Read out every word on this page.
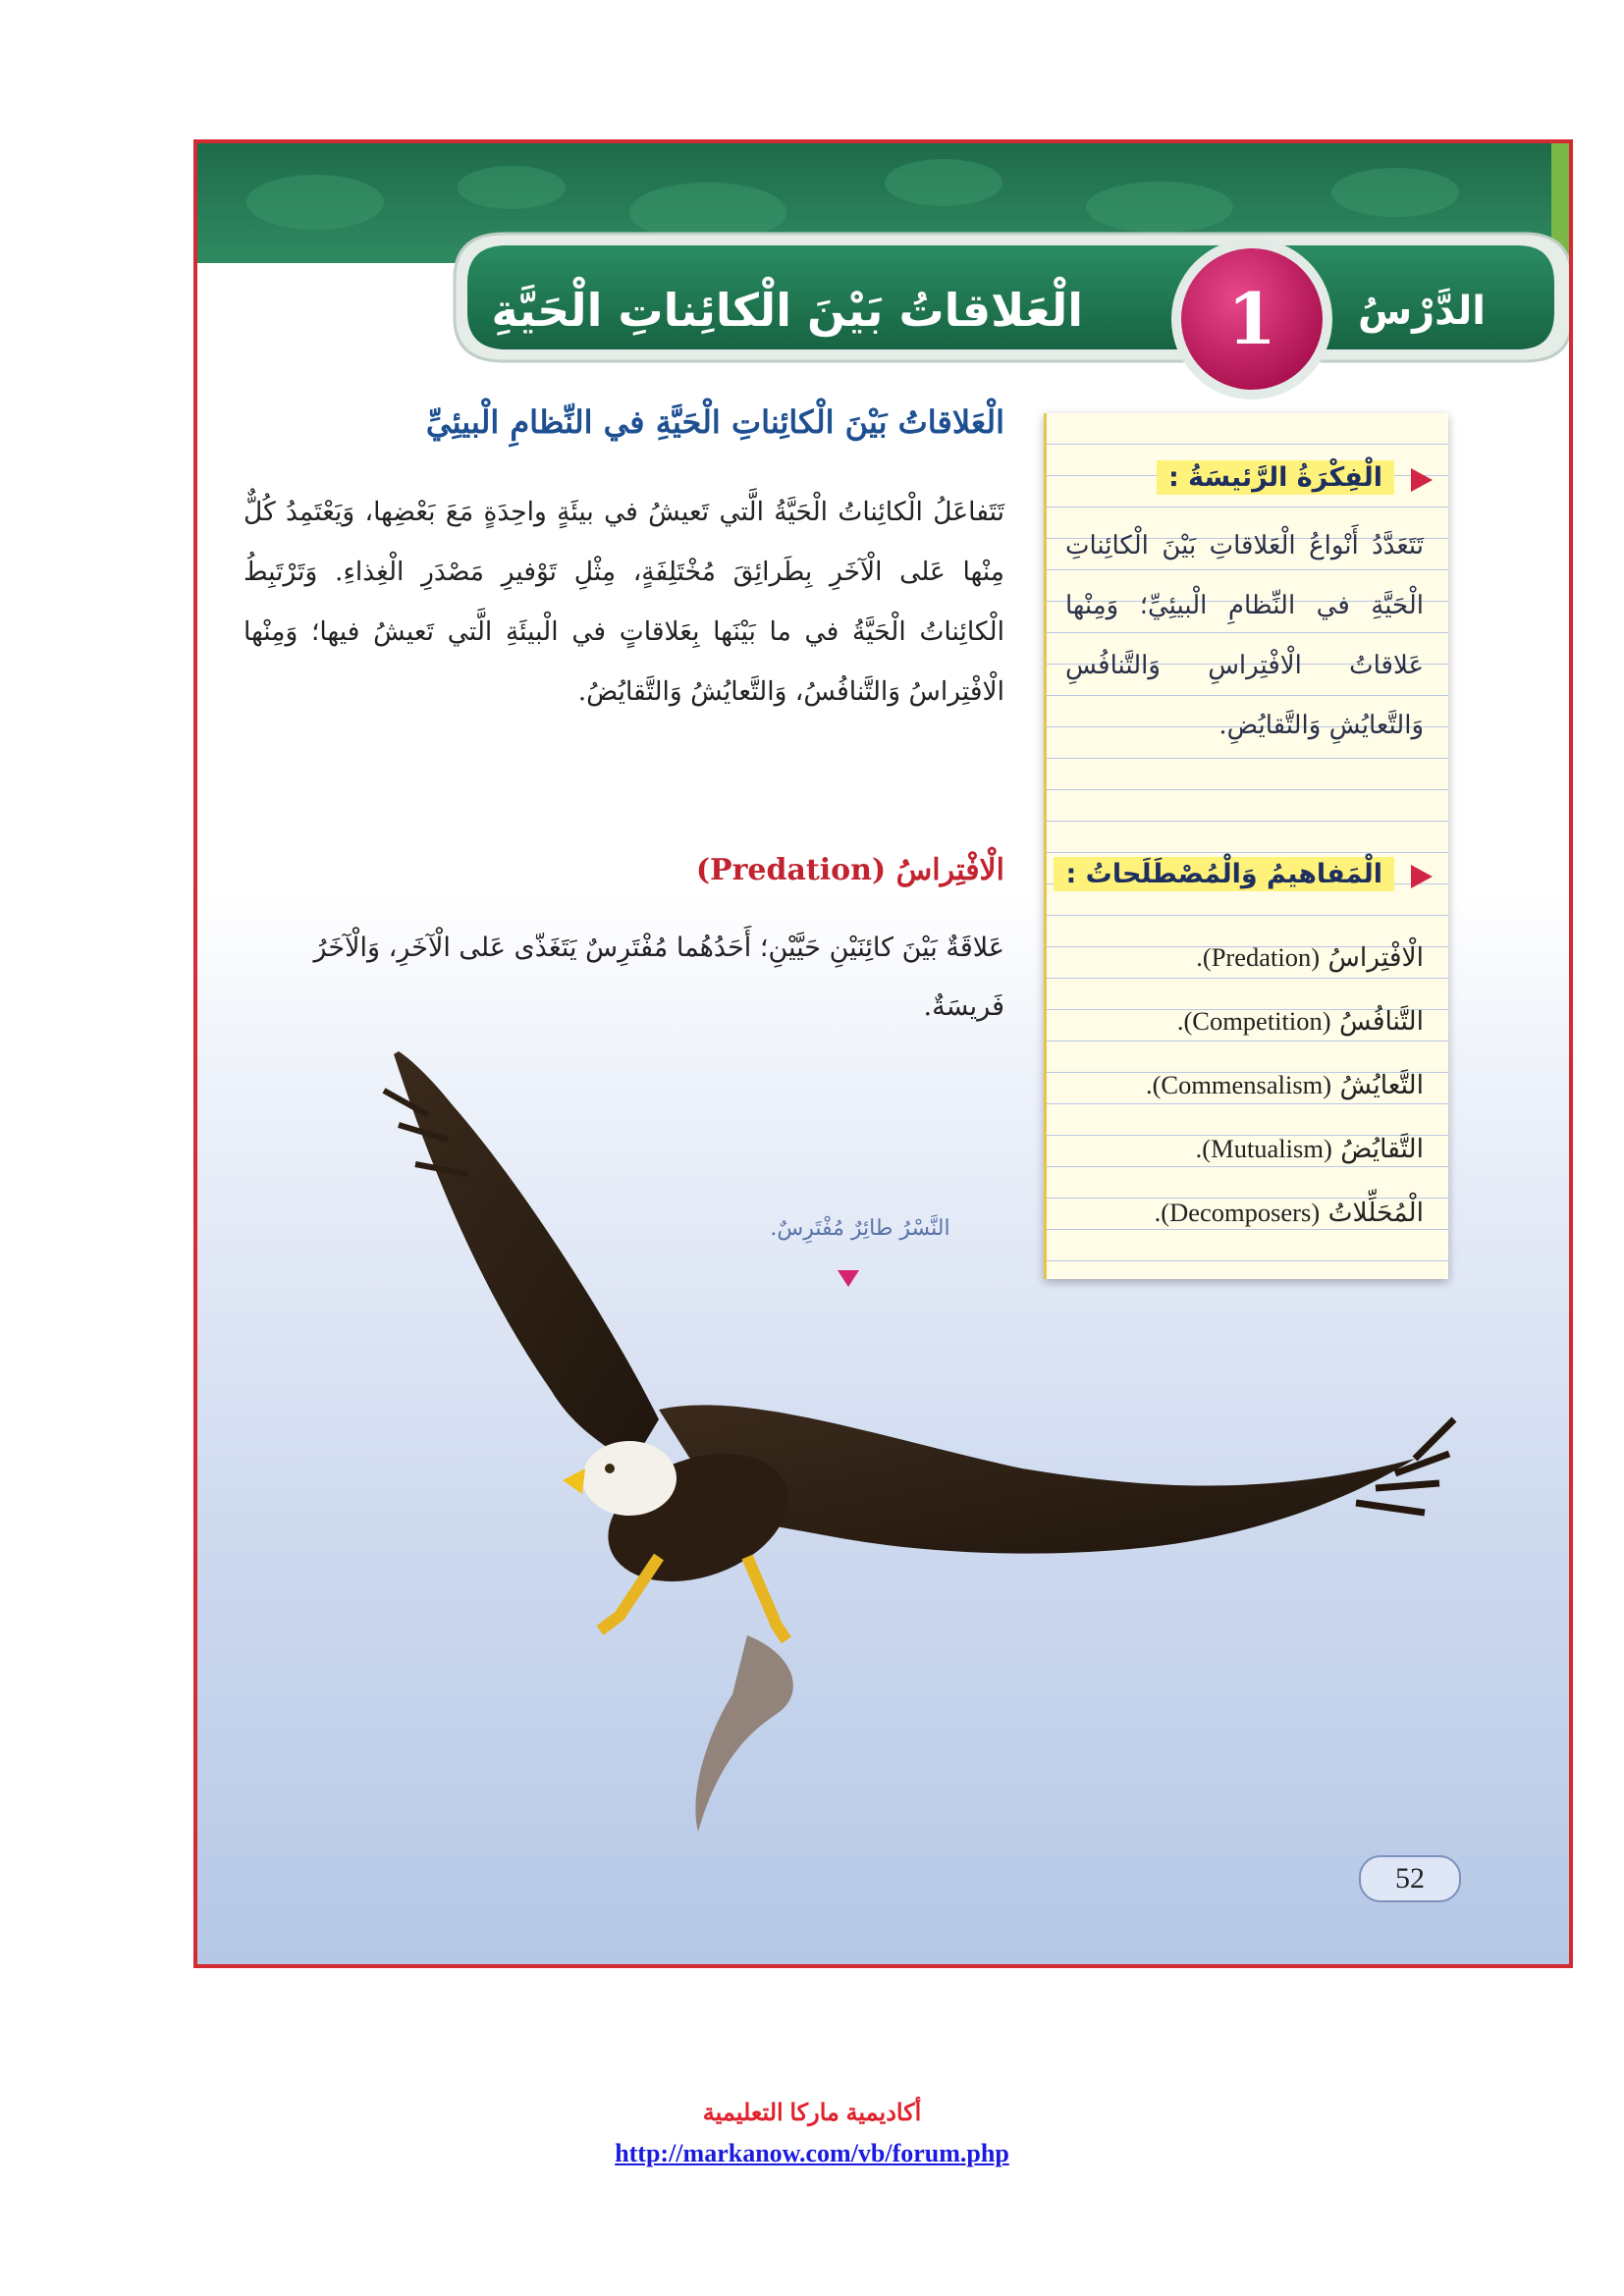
الدَّرْسُ
1
الْعَلاقاتُ بَيْنَ الْكائِناتِ الْحَيَّةِ
الْعَلاقاتُ بَيْنَ الْكائِناتِ الْحَيَّةِ في النِّظامِ الْبيئِيِّ

تَتَفاعَلُ الْكائِناتُ الْحَيَّةُ الَّتي تَعيشُ في بيئَةٍ واحِدَةٍ مَعَ بَعْضِها، وَيَعْتَمِدُ كُلٌّ مِنْها عَلى الْآخَرِ بِطَرائِقَ مُخْتَلِفَةٍ، مِثْلِ تَوْفيرِ مَصْدَرِ الْغِذاءِ. وَتَرْتَبِطُ الْكائِناتُ الْحَيَّةُ في ما بَيْنَها بِعَلاقاتٍ في الْبيئَةِ الَّتي تَعيشُ فيها؛ وَمِنْها الْافْتِراسُ وَالتَّنافُسُ، وَالتَّعايُشُ وَالتَّقايُضُ.

الْافْتِراسُ (Predation)

عَلاقَةٌ بَيْنَ كائِنَيْنِ حَيَّيْنِ؛ أَحَدُهُما مُفْتَرِسٌ يَتَغَذّى عَلى الْآخَرِ، وَالْآخَرُ فَريسَةٌ.

النَّسْرُ طائِرٌ مُفْتَرِسٌ.
الْفِكْرَةُ الرَّئيسَةُ :
تَتَعَدَّدُ أَنْواعُ الْعَلاقاتِ بَيْنَ الْكائِناتِ الْحَيَّةِ في النِّظامِ الْبيئِيِّ؛ وَمِنْها عَلاقاتُ الْافْتِراسِ وَالتَّنافُسِ وَالتَّعايُشِ وَالتَّقايُضِ.
الْمَفاهيمُ وَالْمُصْطَلَحاتُ :
الْافْتِراسُ (Predation).
التَّنافُسُ (Competition).
التَّعايُشُ (Commensalism).
التَّقايُضُ (Mutualism).
الْمُحَلِّلاتُ (Decomposers).
52
أكاديمية ماركا التعليمية
http://markanow.com/vb/forum.php
